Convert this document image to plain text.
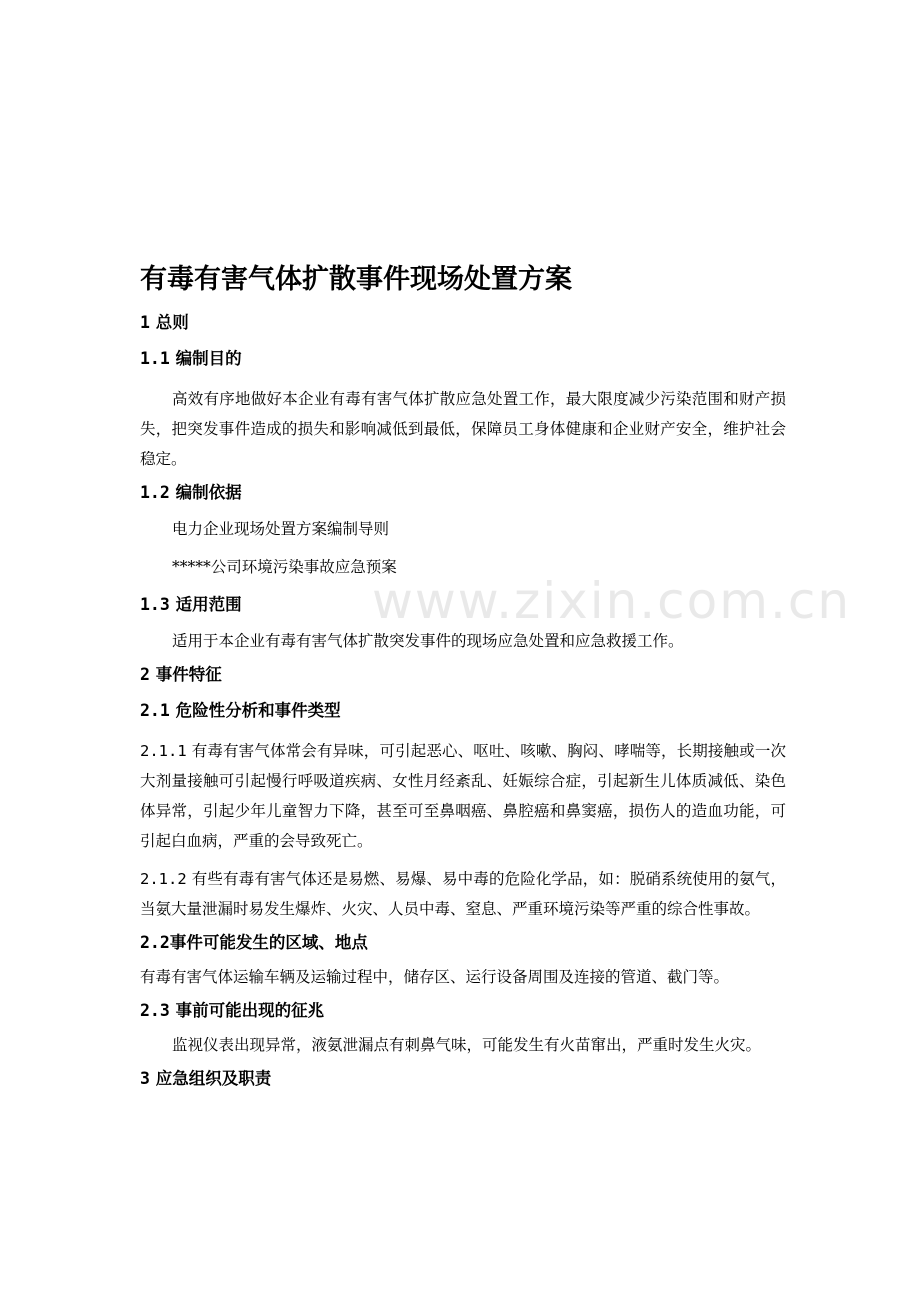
www.zixin.com.cn
有毒有害气体扩散事件现场处置方案
1 总则
1.1 编制目的
高效有序地做好本企业有毒有害气体扩散应急处置工作，最大限度减少污染范围和财产损失，把突发事件造成的损失和影响减低到最低，保障员工身体健康和企业财产安全，维护社会稳定。
1.2 编制依据
电力企业现场处置方案编制导则
*****公司环境污染事故应急预案
1.3 适用范围
适用于本企业有毒有害气体扩散突发事件的现场应急处置和应急救援工作。
2 事件特征
2.1 危险性分析和事件类型
2.1.1 有毒有害气体常会有异味，可引起恶心、呕吐、咳嗽、胸闷、哮喘等，长期接触或一次大剂量接触可引起慢行呼吸道疾病、女性月经紊乱、妊娠综合症，引起新生儿体质减低、染色体异常，引起少年儿童智力下降，甚至可至鼻咽癌、鼻腔癌和鼻窦癌，损伤人的造血功能，可引起白血病，严重的会导致死亡。
2.1.2 有些有毒有害气体还是易燃、易爆、易中毒的危险化学品，如：脱硝系统使用的氨气，当氨大量泄漏时易发生爆炸、火灾、人员中毒、窒息、严重环境污染等严重的综合性事故。
2.2事件可能发生的区域、地点
有毒有害气体运输车辆及运输过程中，储存区、运行设备周围及连接的管道、截门等。
2.3 事前可能出现的征兆
监视仪表出现异常，液氨泄漏点有刺鼻气味，可能发生有火苗窜出，严重时发生火灾。
3 应急组织及职责
